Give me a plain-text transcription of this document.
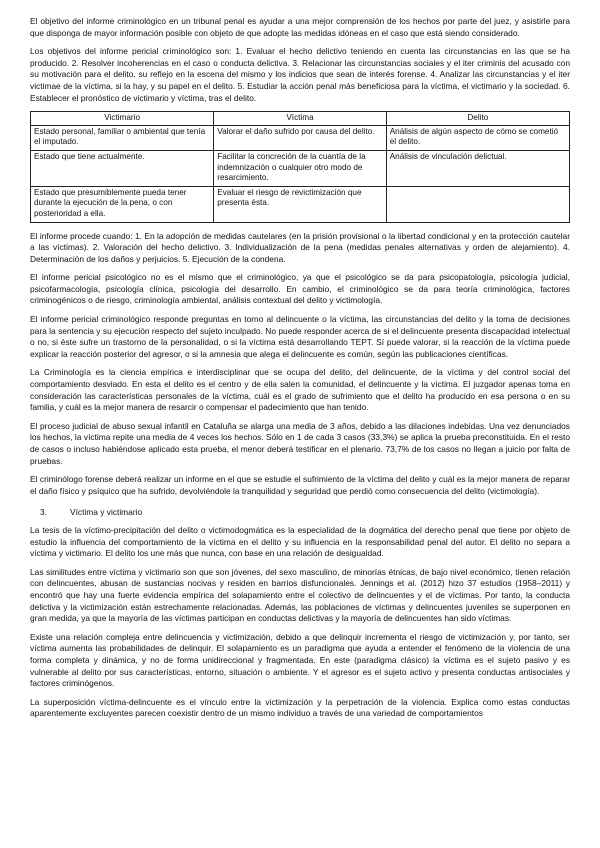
El objetivo del informe criminológico en un tribunal penal es ayudar a una mejor comprensión de los hechos por parte del juez, y asistirle para que disponga de mayor información posible con objeto de que adopte las medidas idóneas en el caso que está siendo considerado.

Los objetivos del informe pericial criminológico son: 1. Evaluar el hecho delictivo teniendo en cuenta las circunstancias en las que se ha producido. 2. Resolver incoherencias en el caso o conducta delictiva. 3. Relacionar las circunstancias sociales y el iter criminis del acusado con su motivación para el delito, su reflejo en la escena del mismo y los indicios que sean de interés forense. 4. Analizar las circunstancias y el iter victimae de la víctima, si la hay, y su papel en el delito. 5. Estudiar la acción penal más beneficiosa para la víctima, el victimario y la sociedad. 6. Establecer el pronóstico de victimario y víctima, tras el delito.

Victimario	Víctima	Delito
Estado personal, familiar o ambiental que tenía el imputado.	Valorar el daño sufrido por causa del delito.	Análisis de algún aspecto de cómo se cometió el delito.
Estado que tiene actualmente.	Facilitar la concreción de la cuantía de la indemnización o cualquier otro modo de resarcimiento.	Análisis de vinculación delictual.
Estado que presumiblemente pueda tener durante la ejecución de la pena, o con posterioridad a ella.	Evaluar el riesgo de revictimización que presenta ésta.	

El informe procede cuando: 1. En la adopción de medidas cautelares (en la prisión provisional o la libertad condicional y en la protección cautelar a las víctimas). 2. Valoración del hecho delictivo. 3. Individualización de la pena (medidas penales alternativas y orden de alejamiento). 4. Determinación de los daños y perjuicios. 5. Ejecución de la condena.

El informe pericial psicológico no es el mismo que el criminológico, ya que el psicológico se da para psicopatología, psicología judicial, psicofarmacología, psicología clínica, psicología del desarrollo. En cambio, el criminológico se da para teoría criminológica, factores criminogénicos o de riesgo, criminología ambiental, análisis contextual del delito y victimología.

El informe pericial criminológico responde preguntas en torno al delincuente o la víctima, las circunstancias del delito y la toma de decisiones para la sentencia y su ejecución respecto del sujeto inculpado. No puede responder acerca de si el delincuente presenta discapacidad intelectual o no, si éste sufre un trastorno de la personalidad, o si la víctima está desarrollando TEPT. Sí puede valorar, si la reacción de la víctima puede explicar la reacción posterior del agresor, o si la amnesia que alega el delincuente es común, según las publicaciones científicas.

La Criminología es la ciencia empírica e interdisciplinar que se ocupa del delito, del delincuente, de la víctima y del control social del comportamiento desviado. En esta el delito es el centro y de ella salen la comunidad, el delincuente y la víctima. El juzgador apenas toma en consideración las características personales de la víctima, cuál es el grado de sufrimiento que el delito ha producido en esa persona o en su familia, y cuál es la mejor manera de resarcir o compensar el padecimiento que han tenido.

El proceso judicial de abuso sexual infantil en Cataluña se alarga una media de 3 años, debido a las dilaciones indebidas. Una vez denunciados los hechos, la víctima repite una media de 4 veces los hechos. Sólo en 1 de cada 3 casos (33,3%) se aplica la prueba preconstituida. En el resto de casos o incluso habiéndose aplicado esta prueba, el menor deberá testificar en el plenario. 73,7% de los casos no llegan a juicio por falta de pruebas.

El criminólogo forense deberá realizar un informe en el que se estudie el sufrimiento de la víctima del delito y cuál es la mejor manera de reparar el daño físico y psíquico que ha sufrido, devolviéndole la tranquilidad y seguridad que perdió como consecuencia del delito (victimología).

3.	Víctima y victimario

La tesis de la víctimo-precipitación del delito o victimodogmática es la especialidad de la dogmática del derecho penal que tiene por objeto de estudio la influencia del comportamiento de la víctima en el delito y su influencia en la responsabilidad penal del autor. El delito no separa a víctima y victimario. El delito los une más que nunca, con base en una relación de desigualdad.

Las similitudes entre víctima y victimario son que son jóvenes, del sexo masculino, de minorías étnicas, de bajo nivel económico, tienen relación con delincuentes, abusan de sustancias nocivas y residen en barrios disfuncionales. Jennings et al. (2012) hizo 37 estudios (1958–2011) y encontró que hay una fuerte evidencia empírica del solapamiento entre el colectivo de delincuentes y el de víctimas. Por tanto, la conducta delictiva y la victimización están estrechamente relacionadas. Además, las poblaciones de víctimas y delincuentes juveniles se superponen en gran medida, ya que la mayoría de las víctimas participan en conductas delictivas y la mayoría de delincuentes han sido víctimas.

Existe una relación compleja entre delincuencia y victimización, debido a que delinquir incrementa el riesgo de victimización y, por tanto, ser víctima aumenta las probabilidades de delinquir. El solapamiento es un paradigma que ayuda a entender el fenómeno de la violencia de una forma completa y dinámica, y no de forma unidireccional y fragmentada. En este (paradigma clásico) la víctima es el sujeto pasivo y es vulnerable al delito por sus características, entorno, situación o ambiente. Y el agresor es el sujeto activo y presenta conductas antisociales y factores criminógenos.

La superposición víctima-delincuente es el vínculo entre la victimización y la perpetración de la violencia. Explica como estas conductas aparentemente excluyentes parecen coexistir dentro de un mismo individuo a través de una variedad de comportamientos
